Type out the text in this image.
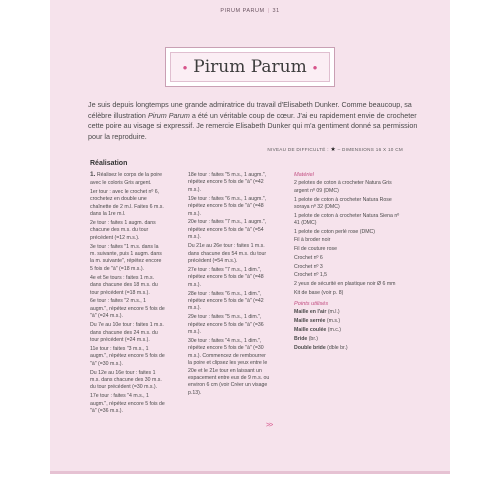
PIRUM PARUM | 31
• Pirum Parum •

Je suis depuis longtemps une grande admiratrice du travail d'Elisabeth Dunker. Comme beaucoup, sa célèbre illustration Pirum Parum a été un véritable coup de cœur. J'ai eu rapidement envie de crocheter cette poire au visage si expressif. Je remercie Elisabeth Dunker qui m'a gentiment donné sa permission pour la reproduire.

NIVEAU DE DIFFICULTÉ : ★ – DIMENSIONS 16 X 10 CM
Réalisation

1. Réalisez le corps de la poire avec le coloris Gris argent.

1er tour : avec le crochet nº 6, crochetez en double une chaînette de 2 m.l. Faites 6 m.s. dans la 1re m.l.

2e tour : faites 1 augm. dans chacune des m.s. du tour précédent (=12 m.s.).

3e tour : faites "1 m.s. dans la m. suivante, puis 1 augm. dans la m. suivante", répétez encore 5 fois de "à" (=18 m.s.).

4e et 5e tours : faites 1 m.s. dans chacune des 18 m.s. du tour précédent (=18 m.s.).

6e tour : faites "2 m.s., 1 augm.", répétez encore 5 fois de "à" (=24 m.s.).

Du 7e au 10e tour : faites 1 m.s. dans chacune des 24 m.s. du tour précédent (=24 m.s.).

11e tour : faites "3 m.s., 1 augm.", répétez encore 5 fois de "à" (=30 m.s.).

Du 12e au 16e tour : faites 1 m.s. dans chacune des 30 m.s. du tour précédent (=30 m.s.).

17e tour : faites "4 m.s., 1 augm.", répétez encore 5 fois de "à" (=36 m.s.).

18e tour : faites "5 m.s., 1 augm.", répétez encore 5 fois de "à" (=42 m.s.).

19e tour : faites "6 m.s., 1 augm.", répétez encore 5 fois de "à" (=48 m.s.).

20e tour : faites "7 m.s., 1 augm.", répétez encore 5 fois de "à" (=54 m.s.).

Du 21e au 26e tour : faites 1 m.s. dans chacune des 54 m.s. du tour précédent (=54 m.s.).

27e tour : faites "7 m.s., 1 dim.", répétez encore 5 fois de "à" (=48 m.s.).

28e tour : faites "6 m.s., 1 dim.", répétez encore 5 fois de "à" (=42 m.s.).

29e tour : faites "5 m.s., 1 dim.", répétez encore 5 fois de "à" (=36 m.s.).

30e tour : faites "4 m.s., 1 dim.", répétez encore 5 fois de "à" (=30 m.s.). Commencez de rembourrer la poire et clipsez les yeux entre le 20e et le 21e tour en laissant un espacement entre eux de 9 m.s. ou environ 6 cm (voir Créer un visage p.13).

Matériel

2 pelotes de coton à crocheter Natura Gris argent nº 09 (DMC)

1 pelote de coton à crocheter Natura Rose soraya nº 32 (DMC)

1 pelote de coton à crocheter Natura Siena nº 41 (DMC)

1 pelote de coton perlé rose (DMC)

Fil à broder noir

Fil de couture rose

Crochet nº 6

Crochet nº 3

Crochet nº 1,5

2 yeux de sécurité en plastique noir Ø 6 mm

Kit de base (voir p. 8)

Points utilisés

Maille en l'air (m.l.)

Maille serrée (m.s.)

Maille coulée (m.c.)

Bride (br.)

Double bride (dble br.)

>>
